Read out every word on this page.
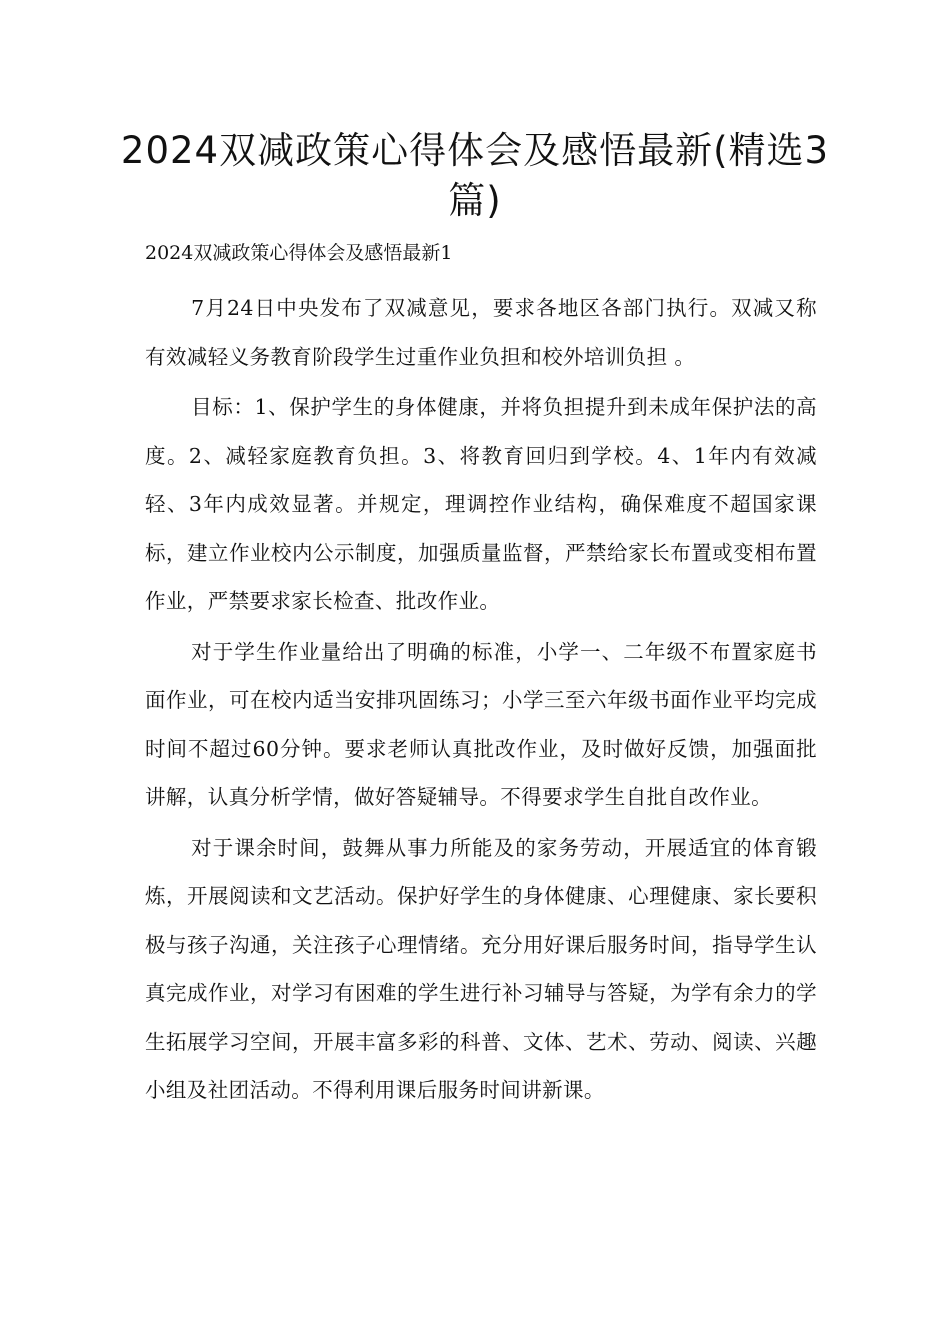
2024双减政策心得体会及感悟最新(精选3篇)

2024双减政策心得体会及感悟最新1

7月24日中央发布了双减意见，要求各地区各部门执行。双减又称 有效减轻义务教育阶段学生过重作业负担和校外培训负担 。

目标：1、保护学生的身体健康，并将负担提升到未成年保护法的高度。2、减轻家庭教育负担。3、将教育回归到学校。4、1年内有效减轻、3年内成效显著。并规定，理调控作业结构，确保难度不超国家课标，建立作业校内公示制度，加强质量监督，严禁给家长布置或变相布置作业，严禁要求家长检查、批改作业。

对于学生作业量给出了明确的标准，小学一、二年级不布置家庭书面作业，可在校内适当安排巩固练习；小学三至六年级书面作业平均完成时间不超过60分钟。要求老师认真批改作业，及时做好反馈，加强面批讲解，认真分析学情，做好答疑辅导。不得要求学生自批自改作业。

对于课余时间，鼓舞从事力所能及的家务劳动，开展适宜的体育锻炼，开展阅读和文艺活动。保护好学生的身体健康、心理健康、家长要积极与孩子沟通，关注孩子心理情绪。充分用好课后服务时间，指导学生认真完成作业，对学习有困难的学生进行补习辅导与答疑，为学有余力的学生拓展学习空间，开展丰富多彩的科普、文体、艺术、劳动、阅读、兴趣小组及社团活动。不得利用课后服务时间讲新课。
